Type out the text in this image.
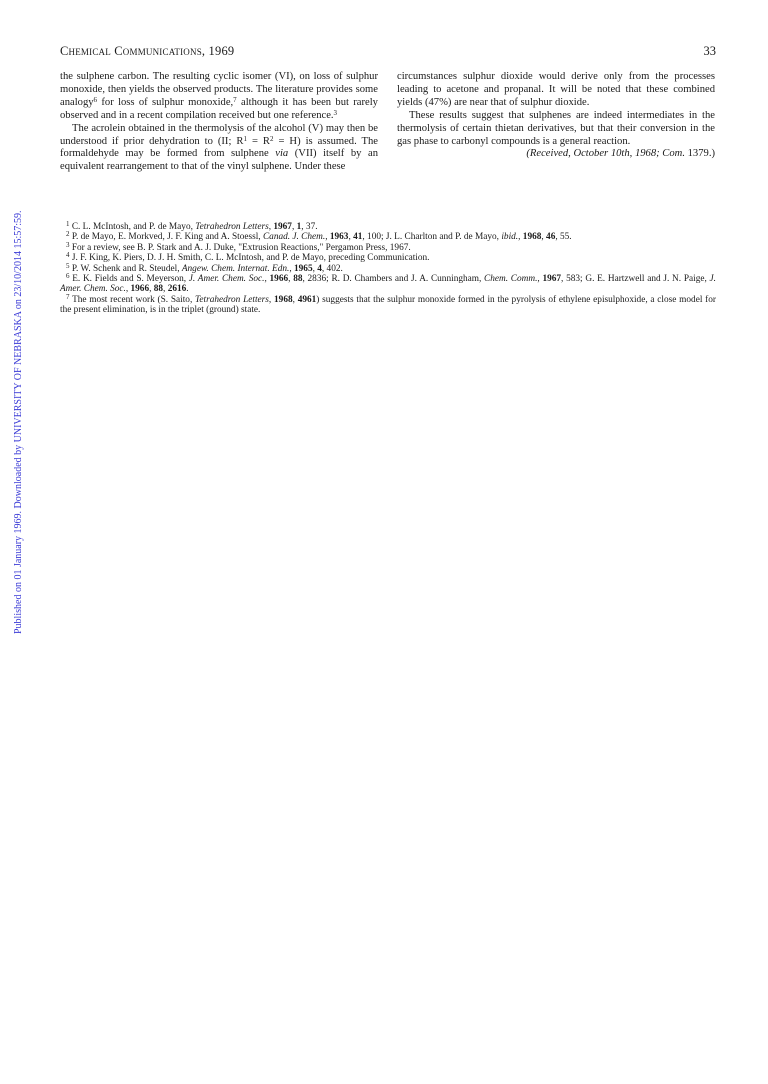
Chemical Communications, 1969	33

the sulphene carbon. The resulting cyclic isomer (VI), on loss of sulphur monoxide, then yields the observed products. The literature provides some analogy$^6$ for loss of sulphur monoxide,$^7$ although it has been but rarely observed and in a recent compilation received but one reference.$^3$

The acrolein obtained in the thermolysis of the alcohol (V) may then be understood if prior dehydration to (II; $R^1 = R^2 = H$) is assumed. The formaldehyde may be formed from sulphene via (VII) itself by an equivalent rearrangement to that of the vinyl sulphene. Under these

circumstances sulphur dioxide would derive only from the processes leading to acetone and propanal. It will be noted that these combined yields (47%) are near that of sulphur dioxide.

These results suggest that sulphenes are indeed intermediates in the thermolysis of certain thietan derivatives, but that their conversion in the gas phase to carbonyl compounds is a general reaction.

(Received, October 10th, 1968; Com. 1379.)

$^1$ C. L. McIntosh, and P. de Mayo, Tetrahedron Letters, 1967, 1, 37.

$^2$ P. de Mayo, E. Morkved, J. F. King and A. Stoessl, Canad. J. Chem., 1963, 41, 100; J. L. Charlton and P. de Mayo, ibid., 1968, 46, 55.

$^3$ For a review, see B. P. Stark and A. J. Duke, "Extrusion Reactions," Pergamon Press, 1967.

$^4$ J. F. King, K. Piers, D. J. H. Smith, C. L. McIntosh, and P. de Mayo, preceding Communication.

$^5$ P. W. Schenk and R. Steudel, Angew. Chem. Internat. Edn., 1965, 4, 402.

$^6$ E. K. Fields and S. Meyerson, J. Amer. Chem. Soc., 1966, 88, 2836; R. D. Chambers and J. A. Cunningham, Chem. Comm., 1967, 583; G. E. Hartzwell and J. N. Paige, J. Amer. Chem. Soc., 1966, 88, 2616.

$^7$ The most recent work (S. Saito, Tetrahedron Letters, 1968, 4961) suggests that the sulphur monoxide formed in the pyrolysis of ethylene episulphoxide, a close model for the present elimination, is in the triplet (ground) state.

Published on 01 January 1969. Downloaded by UNIVERSITY OF NEBRASKA on 23/10/2014 15:57:59.
